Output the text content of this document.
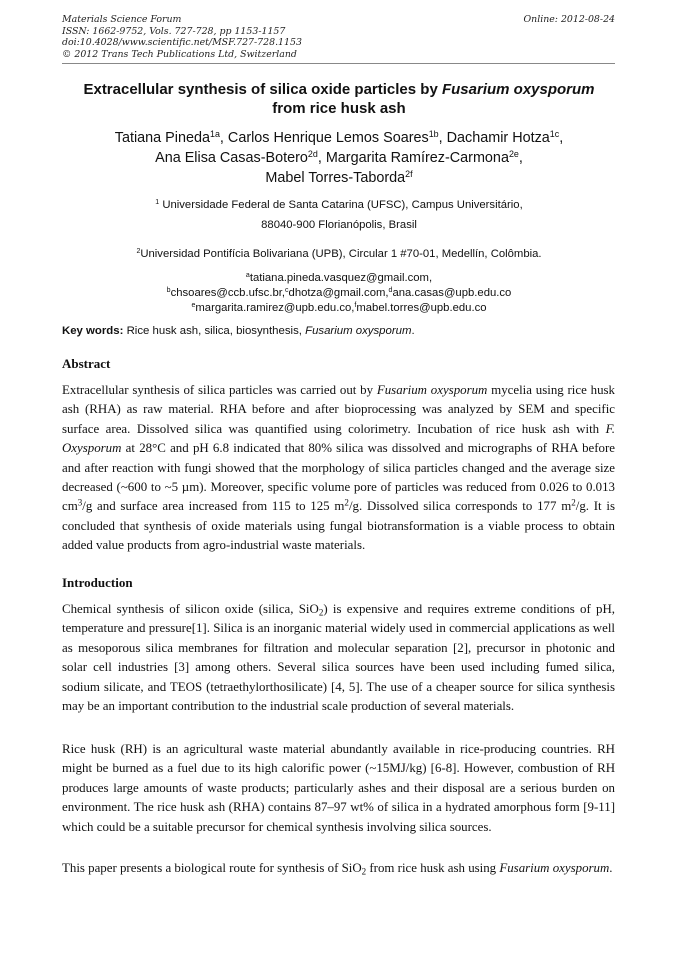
Materials Science Forum
ISSN: 1662-9752, Vols. 727-728, pp 1153-1157
doi:10.4028/www.scientific.net/MSF.727-728.1153
© 2012 Trans Tech Publications Ltd, Switzerland
Online: 2012-08-24
Extracellular synthesis of silica oxide particles by Fusarium oxysporum
from rice husk ash
Tatiana Pineda$^{1a}$, Carlos Henrique Lemos Soares$^{1b}$, Dachamir Hotza$^{1c}$,
Ana Elisa Casas-Botero$^{2d}$, Margarita Ramírez-Carmona$^{2e}$,
Mabel Torres-Taborda$^{2f}$
$^1$ Universidade Federal de Santa Catarina (UFSC), Campus Universitário,
88040-900 Florianópolis, Brasil
$^2$Universidad Pontifícia Bolivariana (UPB), Circular 1 #70-01, Medellín, Colômbia.
$^a$tatiana.pineda.vasquez@gmail.com,
$^b$chsoares@ccb.ufsc.br,$^c$dhotza@gmail.com,$^d$ana.casas@upb.edu.co
$^e$margarita.ramirez@upb.edu.co,$^f$mabel.torres@upb.edu.co
Key words: Rice husk ash, silica, biosynthesis, Fusarium oxysporum.
Abstract
Extracellular synthesis of silica particles was carried out by Fusarium oxysporum mycelia using rice husk ash (RHA) as raw material. RHA before and after bioprocessing was analyzed by SEM and specific surface area. Dissolved silica was quantified using colorimetry. Incubation of rice husk ash with F. Oxysporum at 28°C and pH 6.8 indicated that 80% silica was dissolved and micrographs of RHA before and after reaction with fungi showed that the morphology of silica particles changed and the average size decreased (~600 to ~5 µm). Moreover, specific volume pore of particles was reduced from 0.026 to 0.013 $cm^3/g$ and surface area increased from 115 to 125 $m^2/g$. Dissolved silica corresponds to 177 $m^2/g$. It is concluded that synthesis of oxide materials using fungal biotransformation is a viable process to obtain added value products from agro-industrial waste materials.
Introduction
Chemical synthesis of silicon oxide (silica, SiO$_2$) is expensive and requires extreme conditions of pH, temperature and pressure[1]. Silica is an inorganic material widely used in commercial applications as well as mesoporous silica membranes for filtration and molecular separation [2], precursor in photonic and solar cell industries [3] among others. Several silica sources have been used including fumed silica, sodium silicate, and TEOS (tetraethylorthosilicate) [4, 5]. The use of a cheaper source for silica synthesis may be an important contribution to the industrial scale production of several materials.
Rice husk (RH) is an agricultural waste material abundantly available in rice-producing countries. RH might be burned as a fuel due to its high calorific power (~15MJ/kg) [6-8]. However, combustion of RH produces large amounts of waste products; particularly ashes and their disposal are a serious burden on environment. The rice husk ash (RHA) contains 87–97 wt% of silica in a hydrated amorphous form [9-11] which could be a suitable precursor for chemical synthesis involving silica sources.
This paper presents a biological route for synthesis of SiO$_2$ from rice husk ash using Fusarium oxysporum.
